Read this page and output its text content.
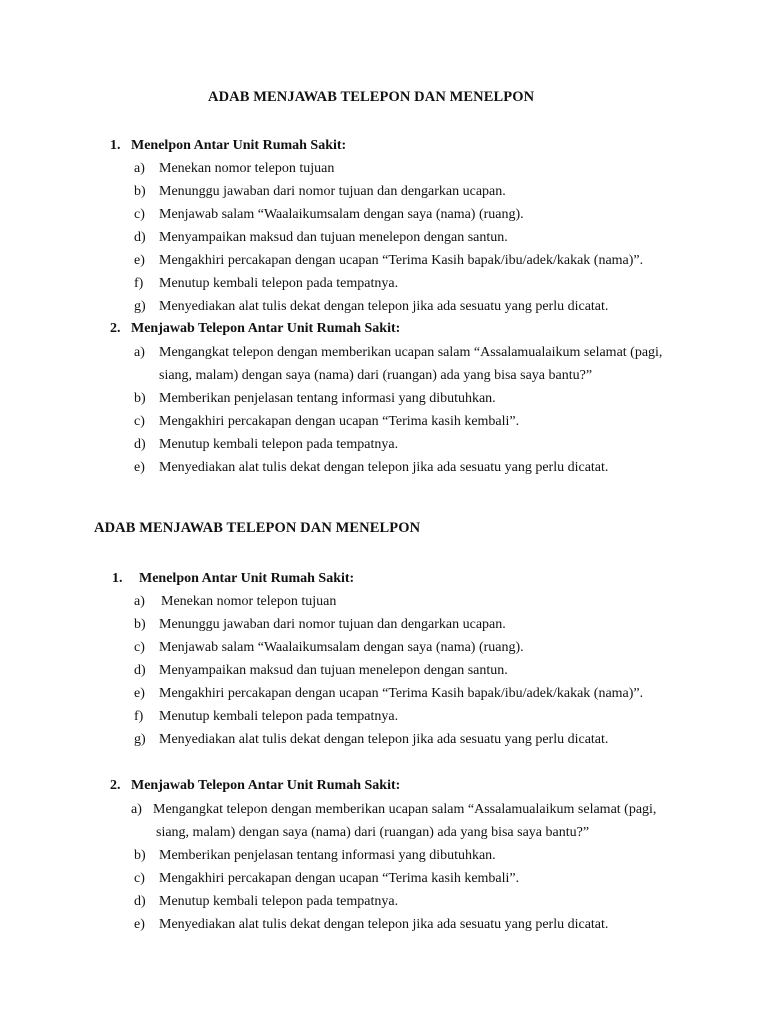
ADAB MENJAWAB TELEPON DAN MENELPON
1. Menelpon Antar Unit Rumah Sakit:
a) Menekan nomor telepon tujuan
b) Menunggu jawaban dari nomor tujuan dan dengarkan ucapan.
c) Menjawab salam “Waalaikumsalam dengan saya (nama) (ruang).
d) Menyampaikan maksud dan tujuan menelepon dengan santun.
e) Mengakhiri percakapan dengan ucapan “Terima Kasih bapak/ibu/adek/kakak (nama)”.
f) Menutup kembali telepon pada tempatnya.
g) Menyediakan alat tulis dekat dengan telepon jika ada sesuatu yang perlu dicatat.
2. Menjawab Telepon Antar Unit Rumah Sakit:
a) Mengangkat telepon dengan memberikan ucapan salam “Assalamualaikum selamat (pagi,
siang, malam) dengan saya (nama) dari (ruangan) ada yang bisa saya bantu?”
b) Memberikan penjelasan tentang informasi yang dibutuhkan.
c) Mengakhiri percakapan dengan ucapan “Terima kasih kembali”.
d) Menutup kembali telepon pada tempatnya.
e) Menyediakan alat tulis dekat dengan telepon jika ada sesuatu yang perlu dicatat.
ADAB MENJAWAB TELEPON DAN MENELPON
1. Menelpon Antar Unit Rumah Sakit:
a) Menekan nomor telepon tujuan
b) Menunggu jawaban dari nomor tujuan dan dengarkan ucapan.
c) Menjawab salam “Waalaikumsalam dengan saya (nama) (ruang).
d) Menyampaikan maksud dan tujuan menelepon dengan santun.
e) Mengakhiri percakapan dengan ucapan “Terima Kasih bapak/ibu/adek/kakak (nama)”.
f) Menutup kembali telepon pada tempatnya.
g) Menyediakan alat tulis dekat dengan telepon jika ada sesuatu yang perlu dicatat.
2. Menjawab Telepon Antar Unit Rumah Sakit:
a) Mengangkat telepon dengan memberikan ucapan salam “Assalamualaikum selamat (pagi,
siang, malam) dengan saya (nama) dari (ruangan) ada yang bisa saya bantu?”
b) Memberikan penjelasan tentang informasi yang dibutuhkan.
c) Mengakhiri percakapan dengan ucapan “Terima kasih kembali”.
d) Menutup kembali telepon pada tempatnya.
e) Menyediakan alat tulis dekat dengan telepon jika ada sesuatu yang perlu dicatat.
